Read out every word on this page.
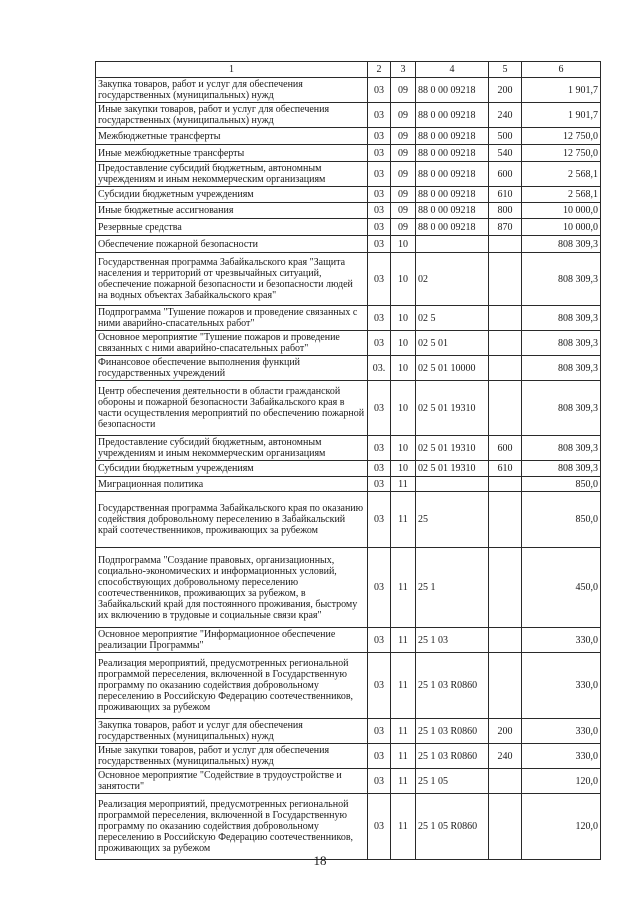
1	2	3	4	5	6
Закупка товаров, работ и услуг для обеспечения государственных (муниципальных) нужд	03	09	88 0 00 09218	200	1 901,7
Иные закупки товаров, работ и услуг для обеспечения государственных (муниципальных) нужд	03	09	88 0 00 09218	240	1 901,7
Межбюджетные трансферты	03	09	88 0 00 09218	500	12 750,0
Иные межбюджетные трансферты	03	09	88 0 00 09218	540	12 750,0
Предоставление субсидий бюджетным, автономным учреждениям и иным некоммерческим организациям	03	09	88 0 00 09218	600	2 568,1
Субсидии бюджетным учреждениям	03	09	88 0 00 09218	610	2 568,1
Иные бюджетные ассигнования	03	09	88 0 00 09218	800	10 000,0
Резервные средства	03	09	88 0 00 09218	870	10 000,0
Обеспечение пожарной безопасности	03	10			808 309,3
Государственная программа Забайкальского края "Защита населения и территорий от чрезвычайных ситуаций, обеспечение пожарной безопасности и безопасности людей на водных объектах Забайкальского края"	03	10	02		808 309,3
Подпрограмма "Тушение пожаров и проведение связанных с ними аварийно-спасательных работ"	03	10	02 5		808 309,3
Основное мероприятие "Тушение пожаров и проведение связанных с ними аварийно-спасательных работ"	03	10	02 5 01		808 309,3
Финансовое обеспечение выполнения функций государственных учреждений	03.	10	02 5 01 10000		808 309,3
Центр обеспечения деятельности в области гражданской обороны и пожарной безопасности Забайкальского края в части осуществления мероприятий по обеспечению пожарной безопасности	03	10	02 5 01 19310		808 309,3
Предоставление субсидий бюджетным, автономным учреждениям и иным некоммерческим организациям	03	10	02 5 01 19310	600	808 309,3
Субсидии бюджетным учреждениям	03	10	02 5 01 19310	610	808 309,3
Миграционная политика	03	11			850,0
Государственная программа Забайкальского края по оказанию содействия добровольному переселению в Забайкальский край соотечественников, проживающих за рубежом	03	11	25		850,0
Подпрограмма "Создание правовых, организационных, социально-экономических и информационных условий, способствующих добровольному переселению соотечественников, проживающих за рубежом, в Забайкальский край для постоянного проживания, быстрому их включению в трудовые и социальные связи края"	03	11	25 1		450,0
Основное мероприятие "Информационное обеспечение реализации Программы"	03	11	25 1 03		330,0
Реализация мероприятий, предусмотренных региональной программой переселения, включенной в Государственную программу по оказанию содействия добровольному переселению в Российскую Федерацию соотечественников, проживающих за рубежом	03	11	25 1 03 R0860		330,0
Закупка товаров, работ и услуг для обеспечения государственных (муниципальных) нужд	03	11	25 1 03 R0860	200	330,0
Иные закупки товаров, работ и услуг для обеспечения государственных (муниципальных) нужд	03	11	25 1 03 R0860	240	330,0
Основное мероприятие "Содействие в трудоустройстве и занятости"	03	11	25 1 05		120,0
Реализация мероприятий, предусмотренных региональной программой переселения, включенной в Государственную программу по оказанию содействия добровольному переселению в Российскую Федерацию соотечественников, проживающих за рубежом	03	11	25 1 05 R0860		120,0
18
